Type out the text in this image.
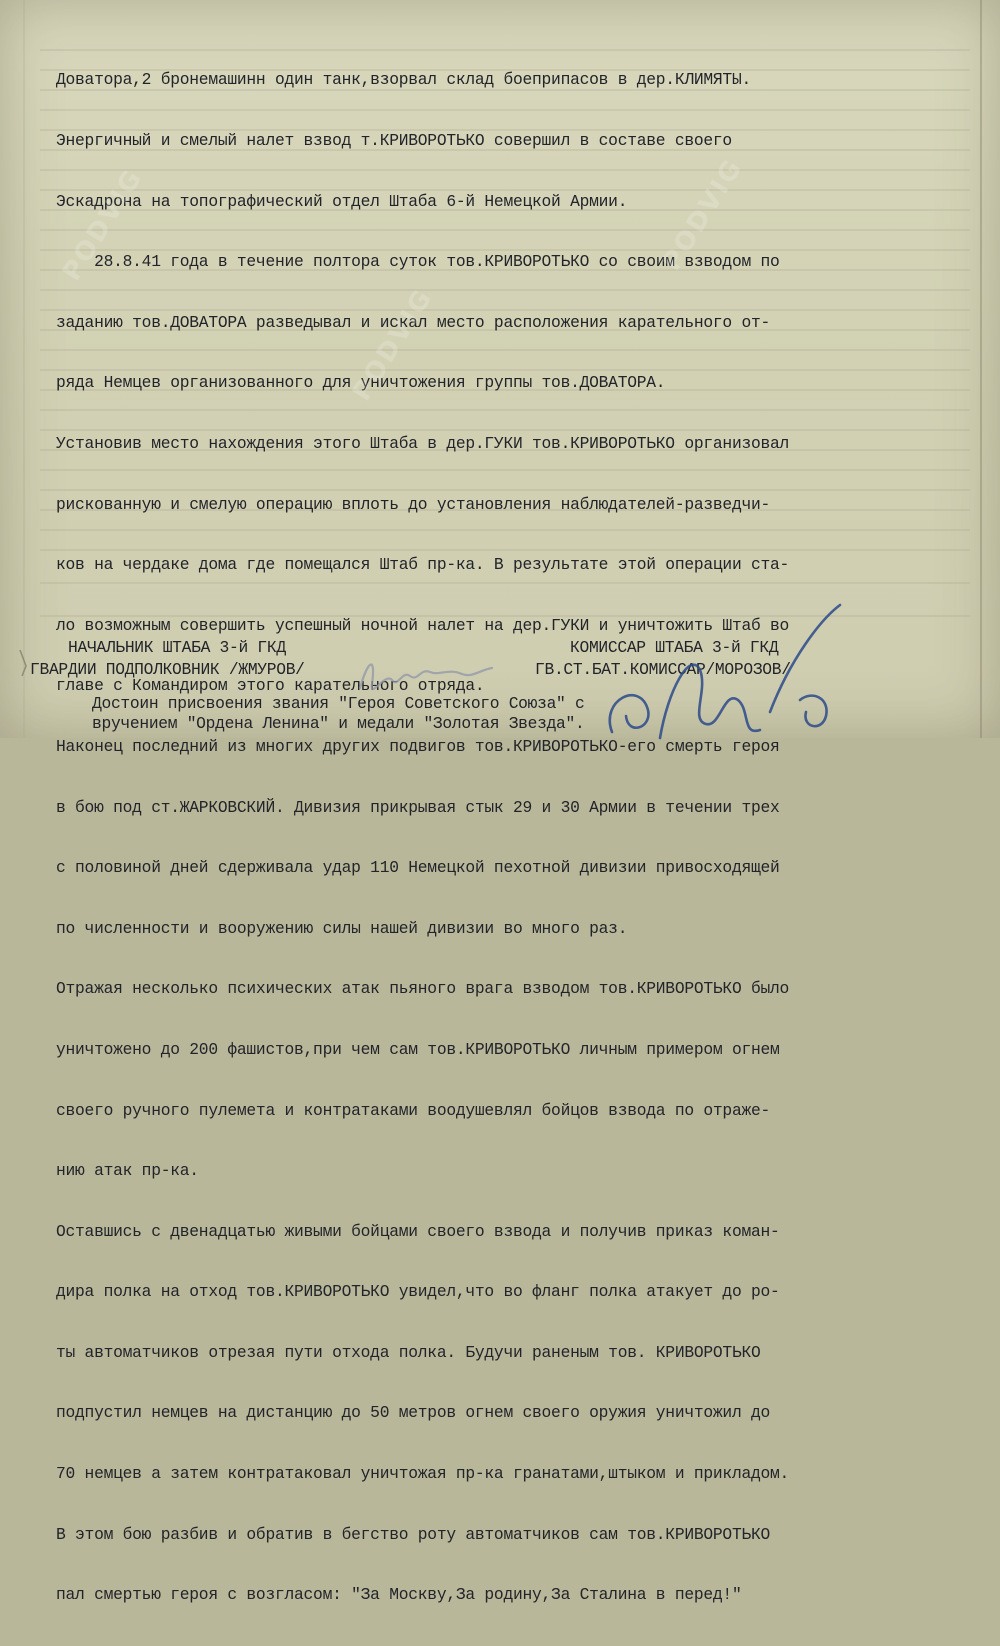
Доватора,2 бронемашинн один танк,взорвал склад боеприпасов в дер.КЛИМЯТЫ.

Энергичный и смелый налет взвод т.КРИВОРОТЬКО совершил в составе своего

Эскадрона на топографический отдел Штаба 6-й Немецкой Армии.

28.8.41 года в течение полтора суток тов.КРИВОРОТЬКО со своим взводом по

заданию тов.ДОВАТОРА разведывал и искал место расположения карательного от-

ряда Немцев организованного для уничтожения группы тов.ДОВАТОРА.

Установив место нахождения этого Штаба в дер.ГУКИ тов.КРИВОРОТЬКО организовал

рискованную и смелую операцию вплоть до установления наблюдателей-разведчи-

ков на чердаке дома где помещался Штаб пр-ка. В результате этой операции ста-

ло возможным совершить успешный ночной налет на дер.ГУКИ и уничтожить Штаб во

главе с Командиром этого карательного отряда.

Наконец последний из многих других подвигов тов.КРИВОРОТЬКО-его смерть героя

в бою под ст.ЖАРКОВСКИЙ. Дивизия прикрывая стык 29 и 30 Армии в течении трех

с половиной дней сдерживала удар 110 Немецкой пехотной дивизии привосходящей

по численности и вооружению силы нашей дивизии во много раз.

Отражая несколько психических атак пьяного врага взводом тов.КРИВОРОТЬКО было

уничтожено до 200 фашистов,при чем сам тов.КРИВОРОТЬКО личным примером огнем

своего ручного пулемета и контратаками воодушевлял бойцов взвода по отраже-

нию атак пр-ка.

Оставшись с двенадцатью живыми бойцами своего взвода и получив приказ коман-

дира полка на отход тов.КРИВОРОТЬКО увидел,что во фланг полка атакует до ро-

ты автоматчиков отрезая пути отхода полка. Будучи раненым тов. КРИВОРОТЬКО

подпустил немцев на дистанцию до 50 метров огнем своего оружия уничтожил до

70 немцев а затем контратаковал уничтожая пр-ка гранатами,штыком и прикладом.

В этом бою разбив и обратив в бегство роту автоматчиков сам тов.КРИВОРОТЬКО

пал смертью героя с возгласом: "За Москву,За родину,За Сталина в перед!"

НАЧАЛЬНИК ШТАБА 3-й ГКД
ГВАРДИИ ПОДПОЛКОВНИК /ЖМУРОВ/
КОМИССАР ШТАБА 3-й ГКД
ГВ.СТ.БАТ.КОМИССАР/МОРОЗОВ/
Достоин присвоения звания "Героя Советского Союза" с
вручением "Ордена Ленина" и медали "Золотая Звезда".
PODVIG
PODVIG
PODVIG
